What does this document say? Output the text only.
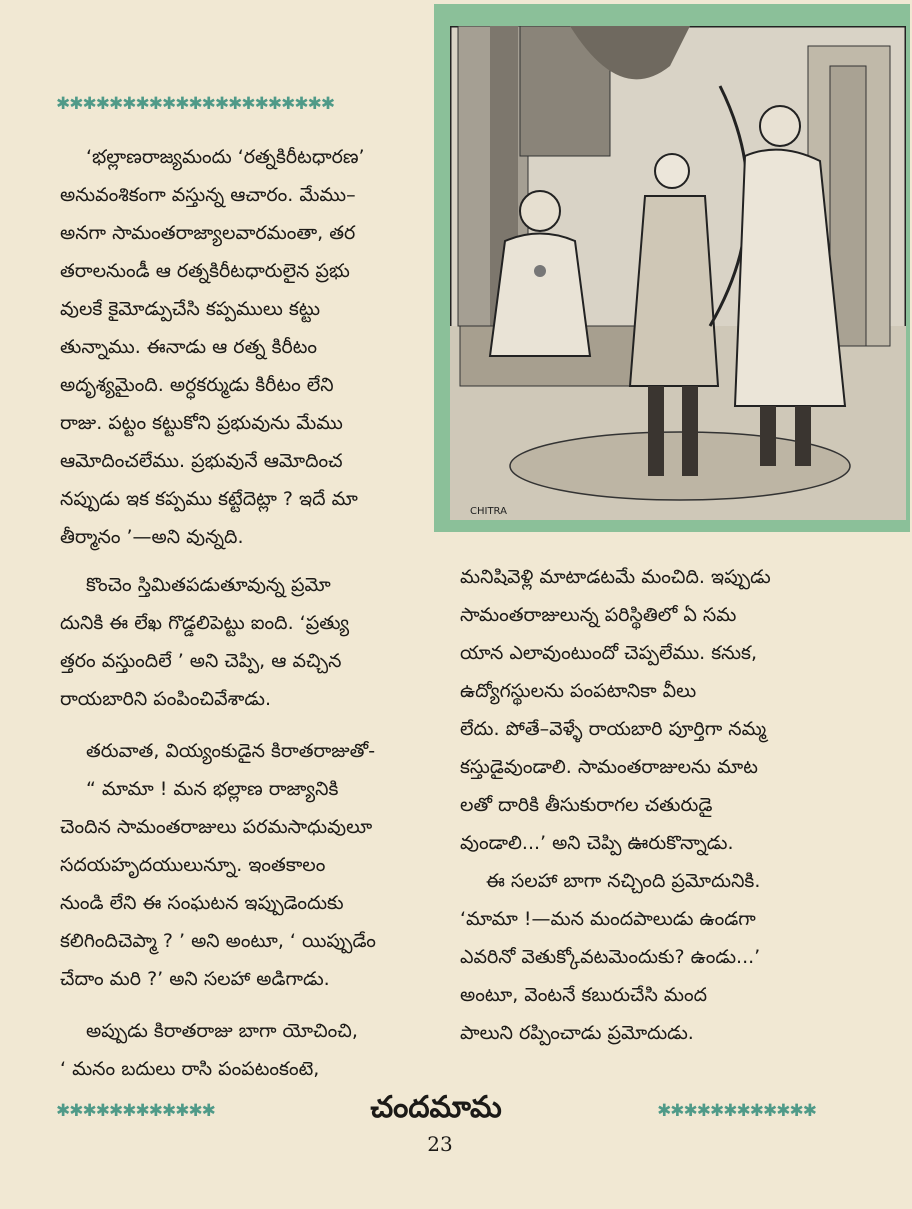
✱✱✱✱✱✱✱✱✱✱✱✱✱✱✱✱✱✱✱✱✱
CHITRA

‘భల్లాణరాజ్యమందు ‘రత్నకిరీటధారణ’

అనువంశికంగా వస్తున్న ఆచారం. మేము–

అనగా సామంతరాజ్యాలవారమంతా, తర

తరాలనుండీ ఆ రత్నకిరీటధారులైన ప్రభు

వులకే కైమోడ్పుచేసి కప్పములు కట్టు

తున్నాము. ఈనాడు ఆ రత్న కిరీటం

అదృశ్యమైంది. అర్ధకర్ముడు కిరీటం లేని

రాజు. పట్టం కట్టుకోని ప్రభువును మేము

ఆమోదించలేము. ప్రభువునే ఆమోదించ

నప్పుడు ఇక కప్పము కట్టేదెట్లా ? ఇదే మా

తీర్మానం ’—అని వున్నది.

కొంచెం స్తిమితపడుతూవున్న ప్రమో

దునికి ఈ లేఖ గొడ్డలిపెట్టు ఐంది. ‘ప్రత్యు

త్తరం వస్తుందిలే ’ అని చెప్పి, ఆ వచ్చిన

రాయబారిని పంపించివేశాడు.

తరువాత, వియ్యంకుడైన కిరాతరాజుతో-

“ మామా ! మన భల్లాణ రాజ్యానికి

చెందిన సామంతరాజులు పరమసాధువులూ

సదయహృదయులున్నూ. ఇంతకాలం

నుండి లేని ఈ సంఘటన ఇప్పుడెందుకు

కలిగిందిచెప్మా ? ’ అని అంటూ, ‘ యిప్పుడేం

చేదాం మరి ?’ అని సలహా అడిగాడు.

అప్పుడు కిరాతరాజు బాగా యోచించి,

‘ మనం బదులు రాసి పంపటంకంటె,

మనిషివెళ్లి మాటాడటమే మంచిది. ఇప్పుడు

సామంతరాజులున్న పరిస్థితిలో ఏ సమ

యాన ఎలావుంటుందో చెప్పలేము. కనుక,

ఉద్యోగస్థులను పంపటానికా వీలు

లేదు. పోతే–వెళ్ళే రాయబారి పూర్తిగా నమ్మ

కస్తుడైవుండాలి. సామంతరాజులను మాట

లతో దారికి తీసుకురాగల చతురుడై

వుండాలి...’ అని చెప్పి ఊరుకొన్నాడు.

ఈ సలహా బాగా నచ్చింది ప్రమోదునికి.

‘మామా !—మన మందపాలుడు ఉండగా

ఎవరినో వెతుక్కోవటమెందుకు? ఉండు...’

అంటూ, వెంటనే కబురుచేసి మంద

పాలుని రప్పించాడు ప్రమోదుడు.

✱✱✱✱✱✱✱✱✱✱✱✱	చందమామ	✱✱✱✱✱✱✱✱✱✱✱✱
23
